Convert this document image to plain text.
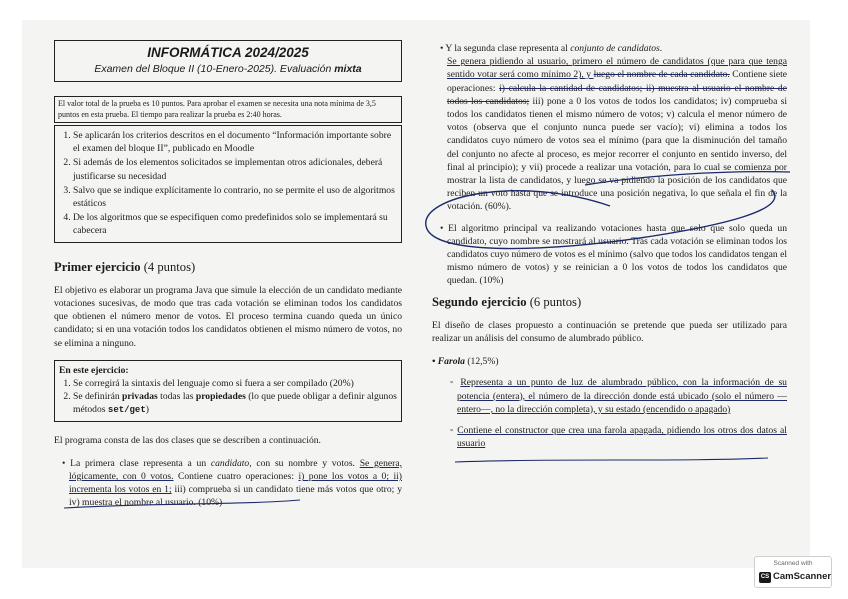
INFORMÁTICA 2024/2025
Examen del Bloque II (10-Enero-2025). Evaluación mixta
El valor total de la prueba es 10 puntos. Para aprobar el examen se necesita una nota mínima de 3,5 puntos en esta prueba. El tiempo para realizar la prueba es 2:40 horas.
1. Se aplicarán los criterios descritos en el documento “Información importante sobre el examen del bloque II”, publicado en Moodle
2. Si además de los elementos solicitados se implementan otros adicionales, deberá justificarse su necesidad
3. Salvo que se indique explícitamente lo contrario, no se permite el uso de algoritmos estáticos
4. De los algoritmos que se especifiquen como predefinidos solo se implementará su cabecera
Primer ejercicio (4 puntos)

El objetivo es elaborar un programa Java que simule la elección de un candidato mediante votaciones sucesivas, de modo que tras cada votación se eliminan todos los candidatos que obtienen el número menor de votos. El proceso termina cuando queda un único candidato; si en una votación todos los candidatos obtienen el mismo número de votos, no se elimina a ninguno.

En este ejercicio:
1. Se corregirá la sintaxis del lenguaje como si fuera a ser compilado (20%)
2. Se definirán privadas todas las propiedades (lo que puede obligar a definir algunos métodos set/get)

El programa consta de las dos clases que se describen a continuación.

• La primera clase representa a un candidato, con su nombre y votos. Se genera, lógicamente, con 0 votos. Contiene cuatro operaciones: i) pone los votos a 0; ii) incrementa los votos en 1; iii) comprueba si un candidato tiene más votos que otro; y iv) muestra el nombre al usuario. (10%)
• Y la segunda clase representa al conjunto de candidatos.
Se genera pidiendo al usuario, primero el número de candidatos (que para que tenga sentido votar será como mínimo 2), y luego el nombre de cada candidato. Contiene siete operaciones: i) calcula la cantidad de candidatos; ii) muestra al usuario el nombre de todos los candidatos; iii) pone a 0 los votos de todos los candidatos; iv) comprueba si todos los candidatos tienen el mismo número de votos; v) calcula el menor número de votos (observa que el conjunto nunca puede ser vacío); vi) elimina a todos los candidatos cuyo número de votos sea el mínimo (para que la disminución del tamaño del conjunto no afecte al proceso, es mejor recorrer el conjunto en sentido inverso, del final al principio); y vii) procede a realizar una votación, para lo cual se comienza por mostrar la lista de candidatos, y luego se va pidiendo la posición de los candidatos que reciben un voto hasta que se introduce una posición negativa, lo que señala el fin de la votación. (60%).
• El algoritmo principal va realizando votaciones hasta que solo que solo queda un candidato, cuyo nombre se mostrará al usuario. Tras cada votación se eliminan todos los candidatos cuyo número de votos es el mínimo (salvo que todos los candidatos tengan el mismo número de votos) y se reinician a 0 los votos de todos los candidatos que quedan. (10%)
Segundo ejercicio (6 puntos)

El diseño de clases propuesto a continuación se pretende que pueda ser utilizado para realizar un análisis del consumo de alumbrado público.

• Farola (12,5%)
◦ Representa a un punto de luz de alumbrado público, con la información de su potencia (entera), el número de la dirección donde está ubicado (solo el número —entero—, no la dirección completa), y su estado (encendido o apagado)
◦ Contiene el constructor que crea una farola apagada, pidiendo los otros dos datos al usuario
Scanned with
CS CamScanner
